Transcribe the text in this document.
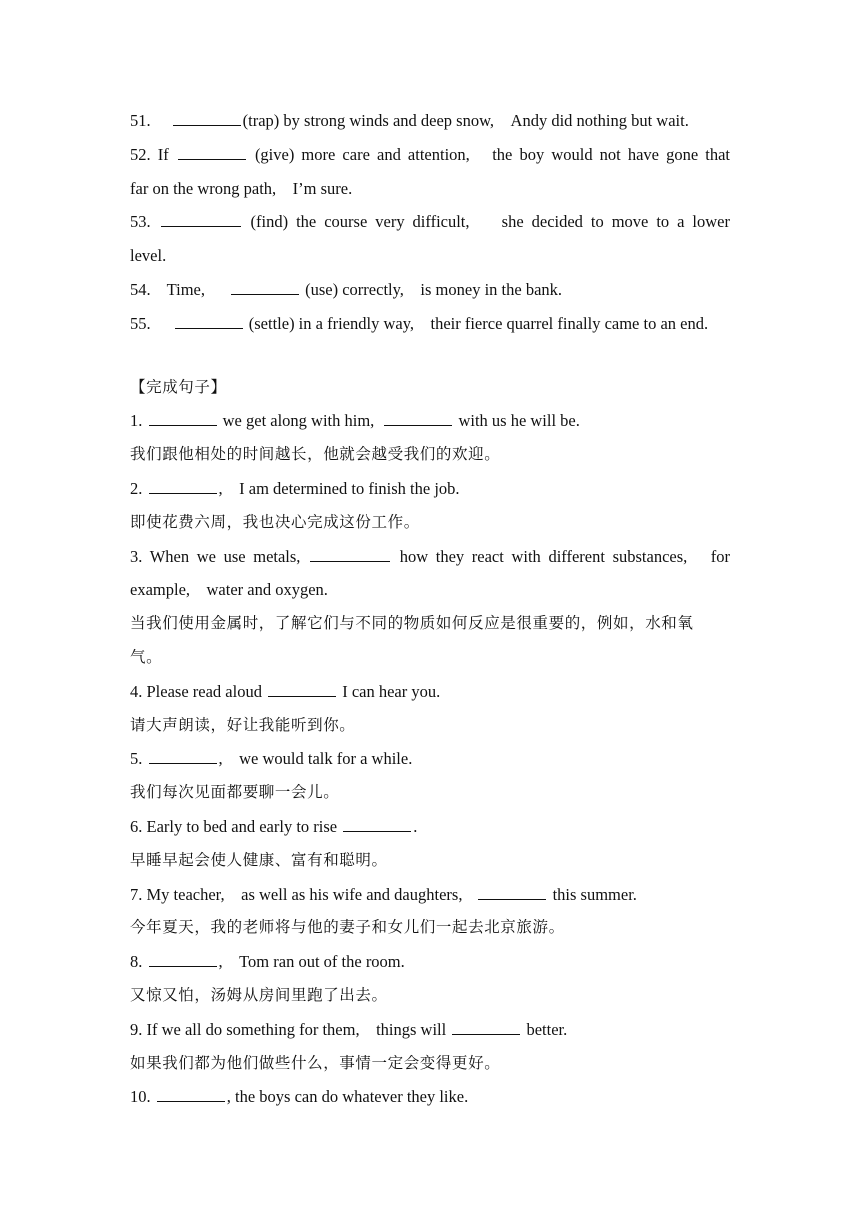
51.	(trap) by strong winds and deep snow,　Andy did nothing but wait.
52. If	(give) more care and attention,　the boy would not have gone that
far on the wrong path,　I’m sure.
53.	(find) the course very difficult,　 she decided to move to a lower
level.
54. Time,	(use) correctly,　is money in the bank.
55.	(settle) in a friendly way,　their fierce quarrel finally came to an end.
【完成句子】
1.	we get along with him,	with us he will be.
我们跟他相处的时间越长，他就会越受我们的欢迎。
2.	,　I am determined to finish the job.
即使花费六周，我也决心完成这份工作。
3. When we use metals,	how they react with different substances,　for
example,　water and oxygen.
当我们使用金属时，了解它们与不同的物质如何反应是很重要的，例如，水和氧
气。
4. Please read aloud	I can hear you.
请大声朗读，好让我能听到你。
5.	,　we would talk for a while.
我们每次见面都要聊一会儿。
6. Early to bed and early to rise	.
早睡早起会使人健康、富有和聪明。
7. My teacher,　as well as his wife and daughters,	this summer.
今年夏天，我的老师将与他的妻子和女儿们一起去北京旅游。
8.	,　Tom ran out of the room.
又惊又怕，汤姆从房间里跑了出去。
9. If we all do something for them,　things will	better.
如果我们都为他们做些什么，事情一定会变得更好。
10.	, the boys can do whatever they like.
